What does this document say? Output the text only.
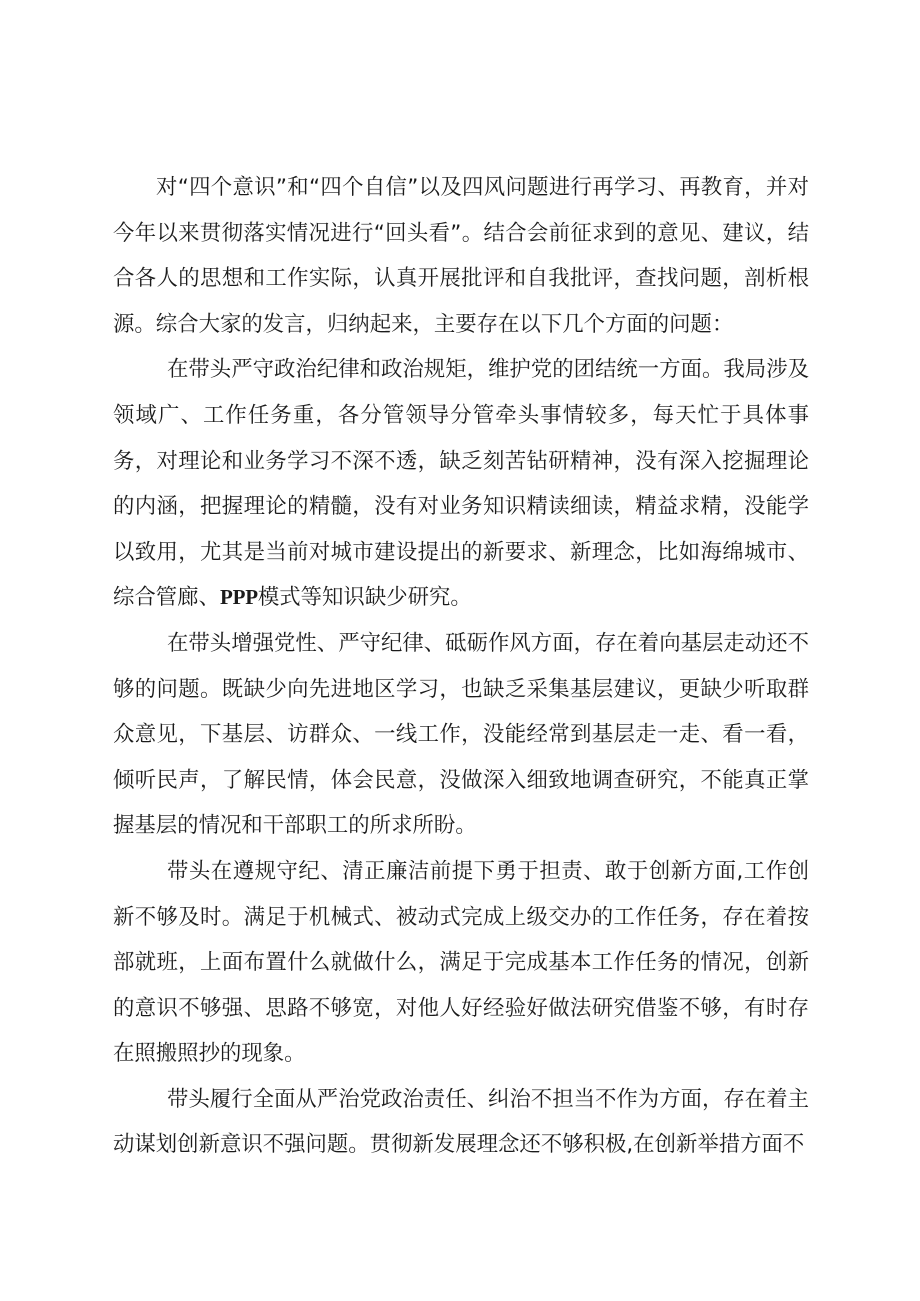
对“四个意识”和“四个自信”以及四风问题进行再学习、再教育，并对今年以来贯彻落实情况进行“回头看”。结合会前征求到的意见、建议，结合各人的思想和工作实际，认真开展批评和自我批评，查找问题，剖析根源。综合大家的发言，归纳起来，主要存在以下几个方面的问题：

在带头严守政治纪律和政治规矩，维护党的团结统一方面。我局涉及领域广、工作任务重，各分管领导分管牵头事情较多，每天忙于具体事务，对理论和业务学习不深不透，缺乏刻苦钻研精神，没有深入挖掘理论的内涵，把握理论的精髓，没有对业务知识精读细读，精益求精，没能学以致用，尤其是当前对城市建设提出的新要求、新理念，比如海绵城市、综合管廊、PPP模式等知识缺少研究。

在带头增强党性、严守纪律、砥砺作风方面，存在着向基层走动还不够的问题。既缺少向先进地区学习，也缺乏采集基层建议，更缺少听取群众意见，下基层、访群众、一线工作，没能经常到基层走一走、看一看，倾听民声，了解民情，体会民意，没做深入细致地调查研究，不能真正掌握基层的情况和干部职工的所求所盼。

带头在遵规守纪、清正廉洁前提下勇于担责、敢于创新方面,工作创新不够及时。满足于机械式、被动式完成上级交办的工作任务，存在着按部就班，上面布置什么就做什么，满足于完成基本工作任务的情况，创新的意识不够强、思路不够宽，对他人好经验好做法研究借鉴不够，有时存在照搬照抄的现象。

带头履行全面从严治党政治责任、纠治不担当不作为方面，存在着主动谋划创新意识不强问题。贯彻新发展理念还不够积极,在创新举措方面不
